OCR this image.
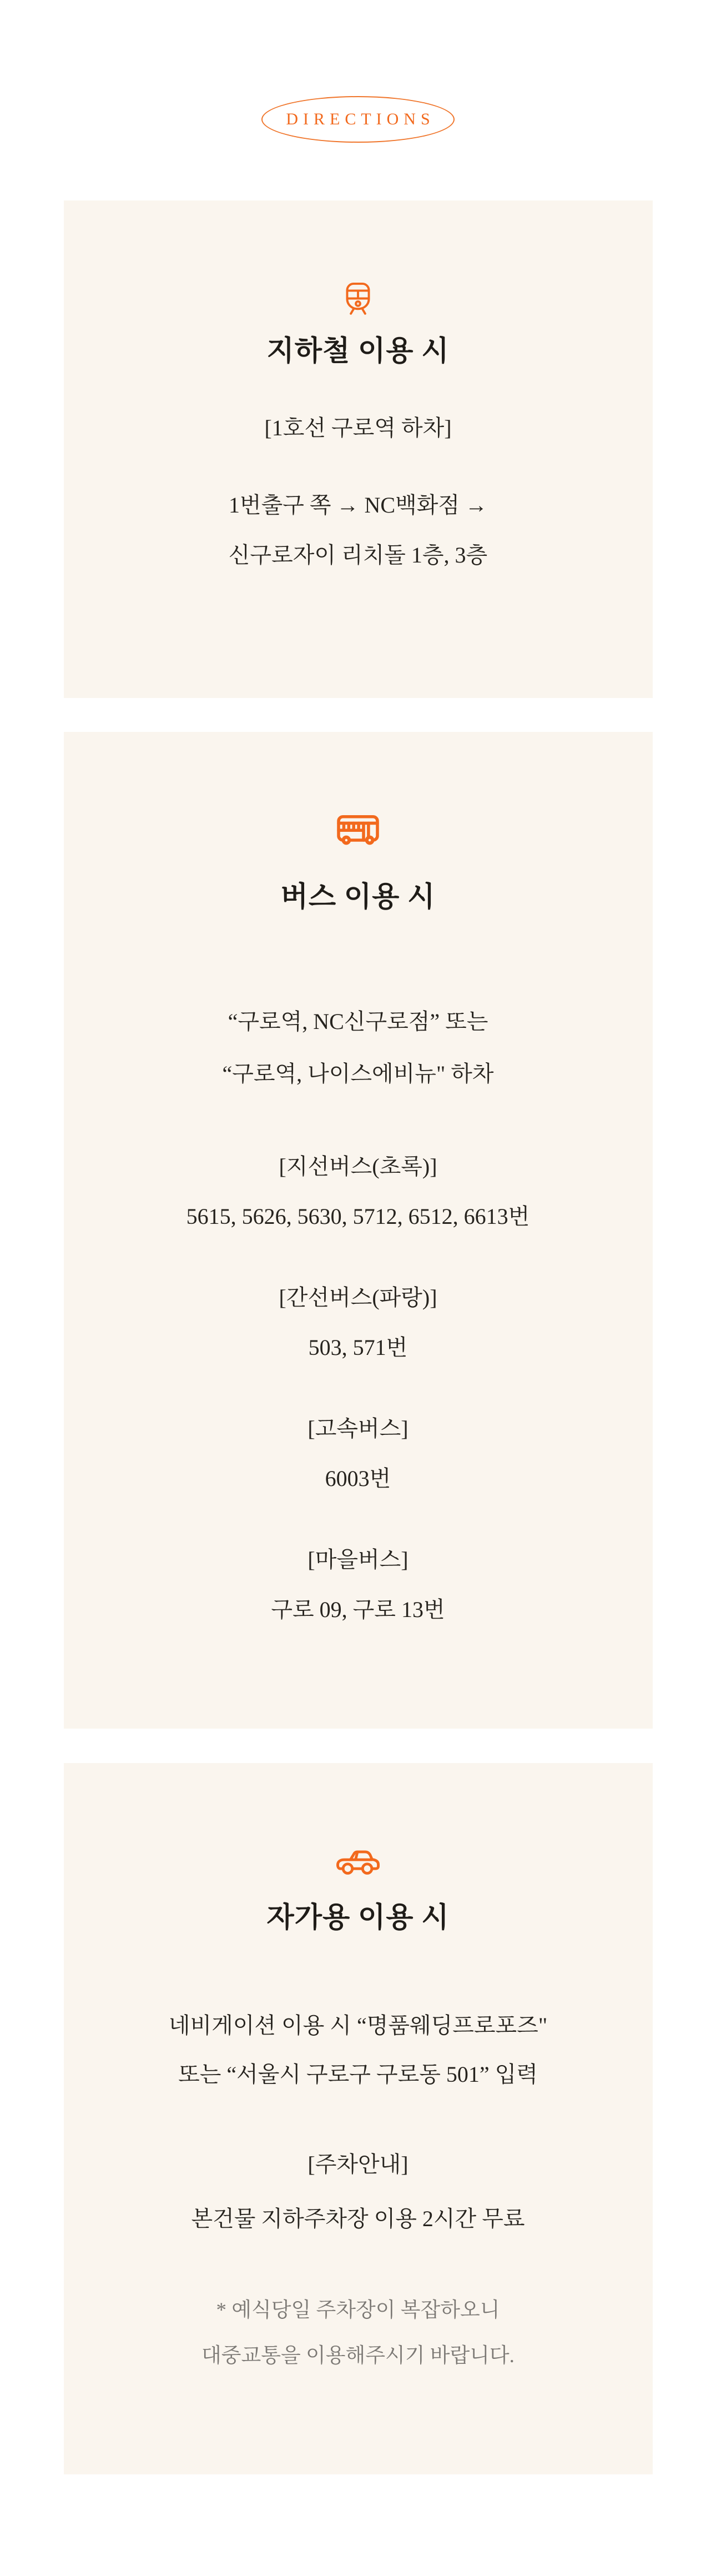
DIRECTIONS
지하철 이용 시

[1호선 구로역 하차]

1번출구 쪽 → NC백화점 →

신구로자이 리치돌 1층, 3층

버스 이용 시

“구로역, NC신구로점” 또는

“구로역, 나이스에비뉴" 하차

[지선버스(초록)]

5615, 5626, 5630, 5712, 6512, 6613번

[간선버스(파랑)]

503, 571번

[고속버스]

6003번

[마을버스]

구로 09, 구로 13번

자가용 이용 시

네비게이션 이용 시 “명품웨딩프로포즈"

또는 “서울시 구로구 구로동 501” 입력

[주차안내]

본건물 지하주차장 이용 2시간 무료

* 예식당일 주차장이 복잡하오니

대중교통을 이용해주시기 바랍니다.
